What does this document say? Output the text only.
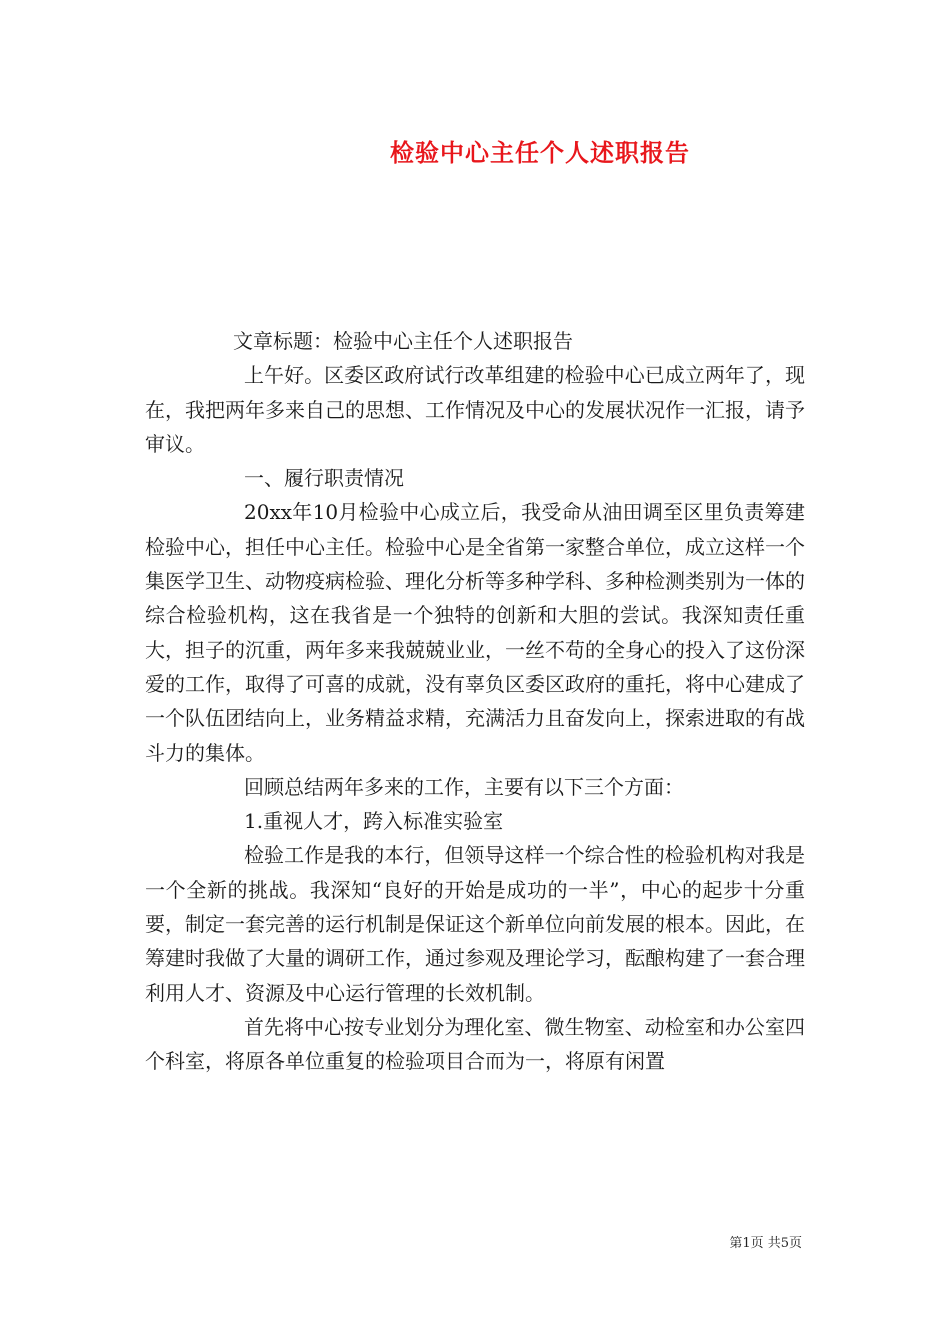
检验中心主任个人述职报告

文章标题：检验中心主任个人述职报告

上午好。区委区政府试行改革组建的检验中心已成立两年了，现在，我把两年多来自己的思想、工作情况及中心的发展状况作一汇报，请予审议。

一、履行职责情况

20xx年10月检验中心成立后，我受命从油田调至区里负责筹建检验中心，担任中心主任。检验中心是全省第一家整合单位，成立这样一个集医学卫生、动物疫病检验、理化分析等多种学科、多种检测类别为一体的综合检验机构，这在我省是一个独特的创新和大胆的尝试。我深知责任重大，担子的沉重，两年多来我兢兢业业，一丝不苟的全身心的投入了这份深爱的工作，取得了可喜的成就，没有辜负区委区政府的重托，将中心建成了一个队伍团结向上，业务精益求精，充满活力且奋发向上，探索进取的有战斗力的集体。

回顾总结两年多来的工作，主要有以下三个方面：

1.重视人才，跨入标准实验室

检验工作是我的本行，但领导这样一个综合性的检验机构对我是一个全新的挑战。我深知“良好的开始是成功的一半”，中心的起步十分重要，制定一套完善的运行机制是保证这个新单位向前发展的根本。因此，在筹建时我做了大量的调研工作，通过参观及理论学习，酝酿构建了一套合理利用人才、资源及中心运行管理的长效机制。

首先将中心按专业划分为理化室、微生物室、动检室和办公室四个科室，将原各单位重复的检验项目合而为一，将原有闲置

第1页 共5页
